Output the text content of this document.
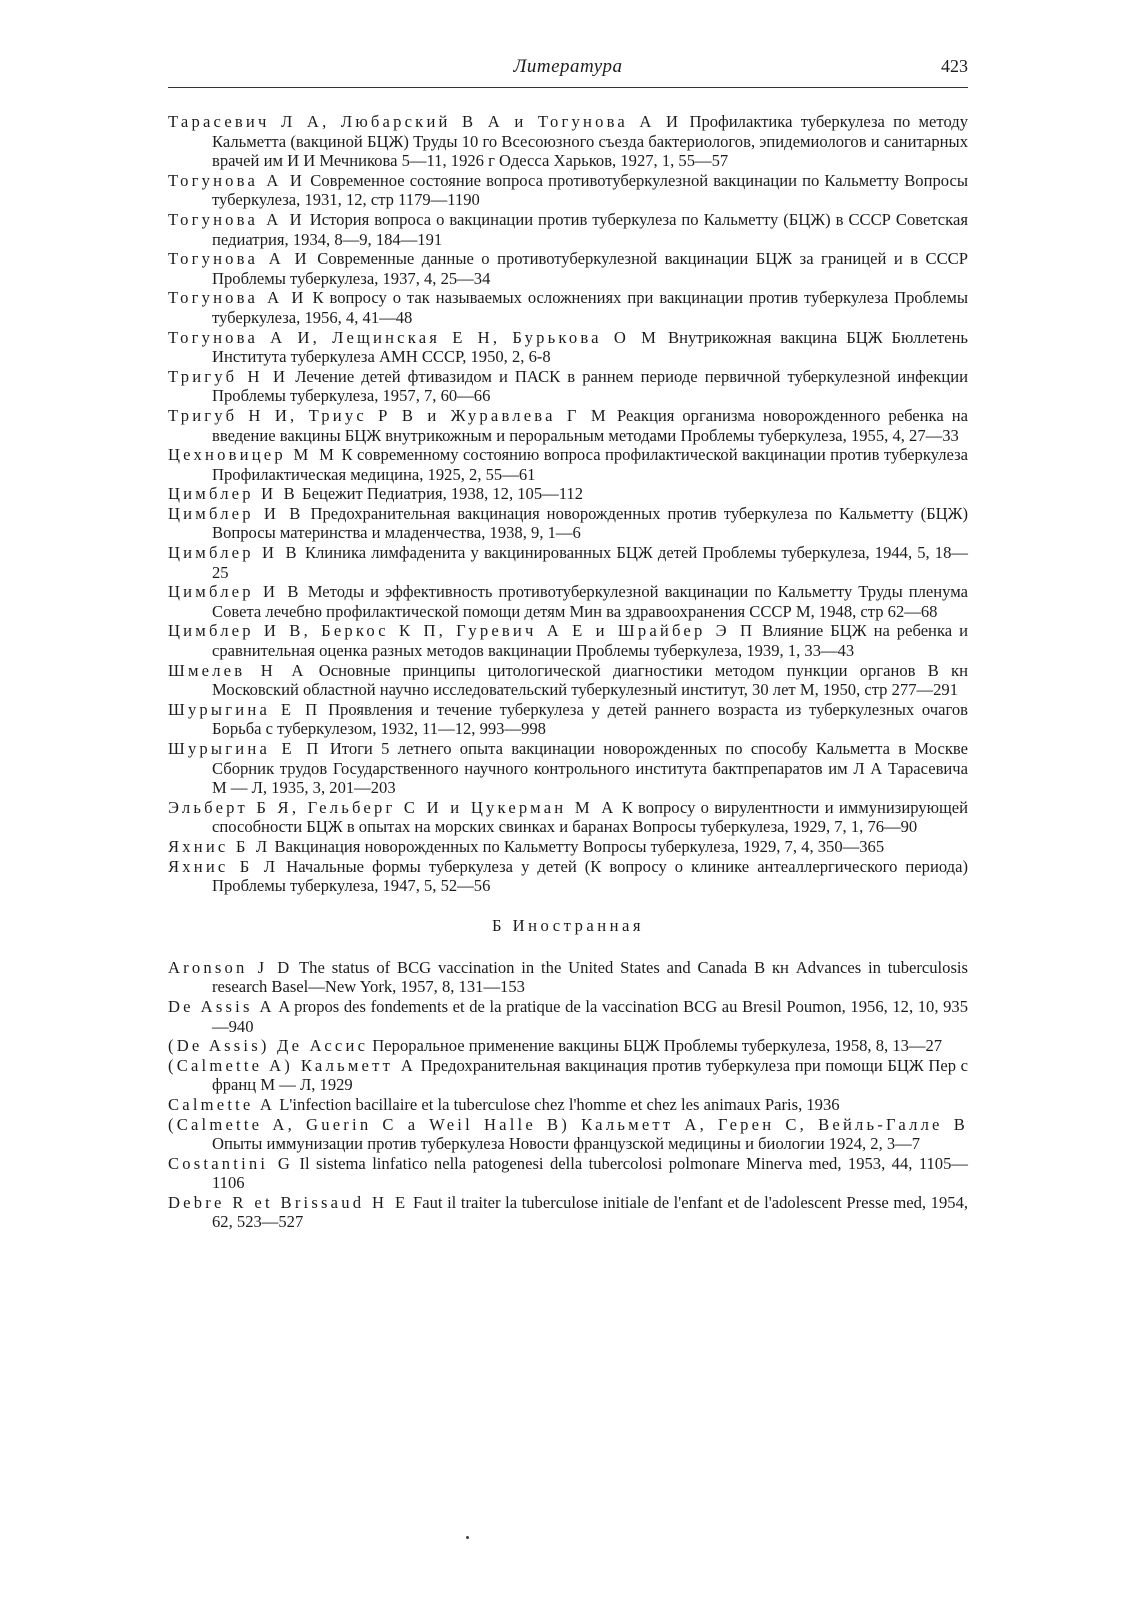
Литература	423

Тарасевич Л А, Любарский В А и Тогунова А И Профилактика туберкулеза по методу Кальметта (вакциной БЦЖ) Труды 10 го Всесоюзного съезда бактериологов, эпидемиологов и санитарных врачей им И И Мечникова 5—11, 1926 г Одесса Харьков, 1927, 1, 55—57

Тогунова А И Современное состояние вопроса противотуберкулезной вакцинации по Кальметту Вопросы туберкулеза, 1931, 12, стр 1179—1190

Тогунова А И История вопроса о вакцинации против туберкулеза по Кальметту (БЦЖ) в СССР Советская педиатрия, 1934, 8—9, 184—191

Тогунова А И Современные данные о противотуберкулезной вакцинации БЦЖ за границей и в СССР Проблемы туберкулеза, 1937, 4, 25—34

Тогунова А И К вопросу о так называемых осложнениях при вакцинации против туберкулеза Проблемы туберкулеза, 1956, 4, 41—48

Тогунова А И, Лещинская Е Н, Бурькова О М Внутрикожная вакцина БЦЖ Бюллетень Института туберкулеза АМН СССР, 1950, 2, 6-8

Тригуб Н И Лечение детей фтивазидом и ПАСК в раннем периоде первичной туберкулезной инфекции Проблемы туберкулеза, 1957, 7, 60—66

Тригуб Н И, Триус Р В и Журавлева Г М Реакция организма новорожденного ребенка на введение вакцины БЦЖ внутрикожным и пероральным методами Проблемы туберкулеза, 1955, 4, 27—33

Цехновицер М М К современному состоянию вопроса профилактической вакцинации против туберкулеза Профилактическая медицина, 1925, 2, 55—61

Цимблер И В Бецежит Педиатрия, 1938, 12, 105—112

Цимблер И В Предохранительная вакцинация новорожденных против туберкулеза по Кальметту (БЦЖ) Вопросы материнства и младенчества, 1938, 9, 1—6

Цимблер И В Клиника лимфаденита у вакцинированных БЦЖ детей Проблемы туберкулеза, 1944, 5, 18—25

Цимблер И В Методы и эффективность противотуберкулезной вакцинации по Кальметту Труды пленума Совета лечебно профилактической помощи детям Мин ва здравоохранения СССР М, 1948, стр 62—68

Цимблер И В, Беркос К П, Гуревич А Е и Шрайбер Э П Влияние БЦЖ на ребенка и сравнительная оценка разных методов вакцинации Проблемы туберкулеза, 1939, 1, 33—43

Шмелев Н А Основные принципы цитологической диагностики методом пункции органов В кн Московский областной научно исследовательский туберкулезный институт, 30 лет М, 1950, стр 277—291

Шурыгина Е П Проявления и течение туберкулеза у детей раннего возраста из туберкулезных очагов Борьба с туберкулезом, 1932, 11—12, 993—998

Шурыгина Е П Итоги 5 летнего опыта вакцинации новорожденных по способу Кальметта в Москве Сборник трудов Государственного научного контрольного института бактпрепаратов им Л А Тарасевича М — Л, 1935, 3, 201—203

Эльберт Б Я, Гельберг С И и Цукерман М А К вопросу о вирулентности и иммунизирующей способности БЦЖ в опытах на морских свинках и баранах Вопросы туберкулеза, 1929, 7, 1, 76—90

Яхнис Б Л Вакцинация новорожденных по Кальметту Вопросы туберкулеза, 1929, 7, 4, 350—365

Яхнис Б Л Начальные формы туберкулеза у детей (К вопросу о клинике антеаллергического периода) Проблемы туберкулеза, 1947, 5, 52—56

Б Иностранная

Aronson J D The status of BCG vaccination in the United States and Canada В кн Advances in tuberculosis research Basel—New York, 1957, 8, 131—153

De Assis A A propos des fondements et de la pratique de la vaccination BCG au Bresil Poumon, 1956, 12, 10, 935—940

(De Assis) Де Ассис Пероральное применение вакцины БЦЖ Проблемы туберкулеза, 1958, 8, 13—27

(Calmette A) Кальметт А Предохранительная вакцинация против туберкулеза при помощи БЦЖ Пер с франц М — Л, 1929

Calmette A L'infection bacillaire et la tuberculose chez l'homme et chez les animaux Paris, 1936

(Calmette A, Guerin C a Weil Halle B) Кальметт А, Герен С, Вейль-Галле В Опыты иммунизации против туберкулеза Новости французской медицины и биологии 1924, 2, 3—7

Costantini G Il sistema linfatico nella patogenesi della tubercolosi polmonare Minerva med, 1953, 44, 1105—1106

Debre R et Brissaud H E Faut il traiter la tuberculose initiale de l'enfant et de l'adolescent Presse med, 1954, 62, 523—527
